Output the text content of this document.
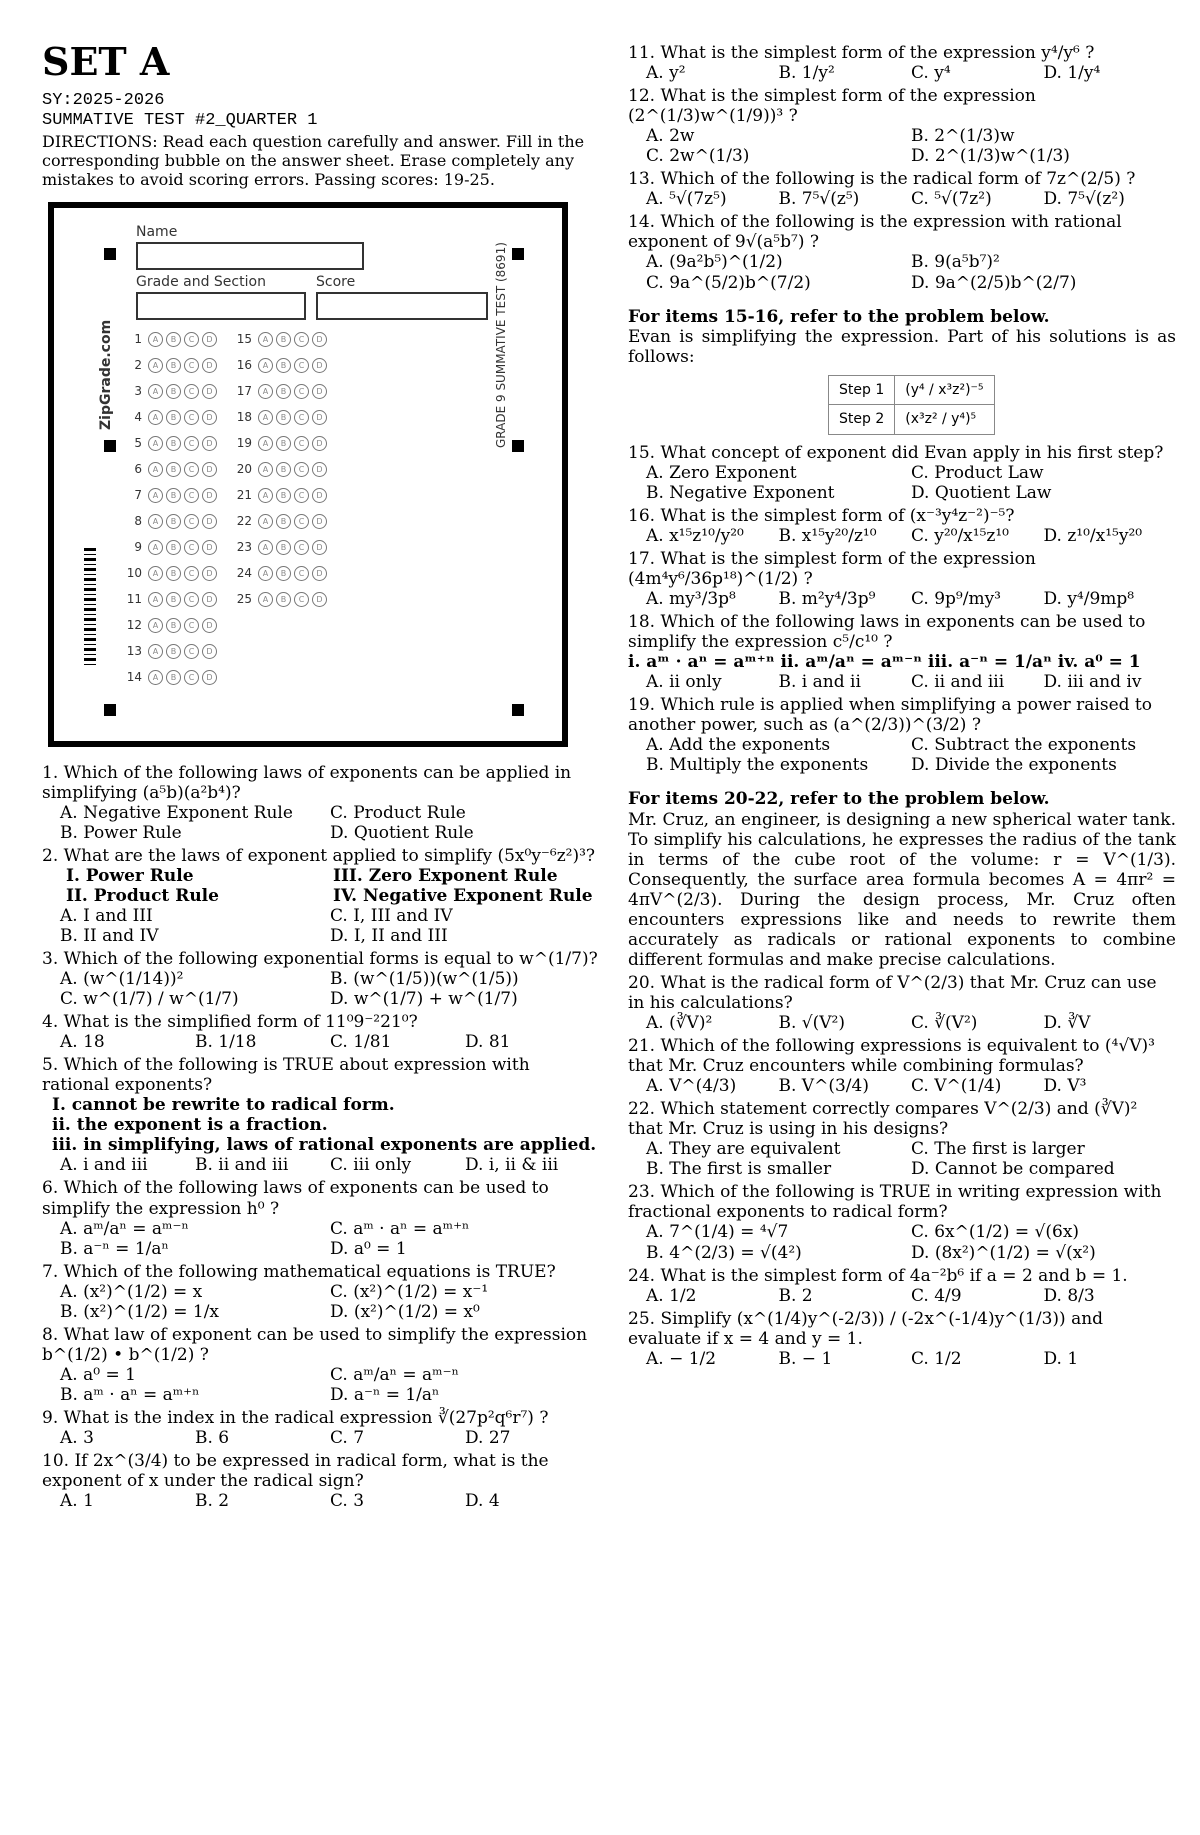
SET A
SY:2025-2026
SUMMATIVE TEST #2_QUARTER 1
DIRECTIONS: Read each question carefully and answer. Fill in the corresponding bubble on the answer sheet. Erase completely any mistakes to avoid scoring errors. Passing scores: 19-25.
Name
Grade and Section	Score
ZipGrade.com	GRADE 9 SUMMATIVE TEST (8691)
1	A	B	C	D
2	A	B	C	D
3	A	B	C	D
4	A	B	C	D
5	A	B	C	D
6	A	B	C	D
7	A	B	C	D
8	A	B	C	D
9	A	B	C	D
10	A	B	C	D
11	A	B	C	D
12	A	B	C	D
13	A	B	C	D
14	A	B	C	D
15	A	B	C	D
16	A	B	C	D
17	A	B	C	D
18	A	B	C	D
19	A	B	C	D
20	A	B	C	D
21	A	B	C	D
22	A	B	C	D
23	A	B	C	D
24	A	B	C	D
25	A	B	C	D
1. Which of the following laws of exponents can be applied in simplifying (a⁵b)(a²b⁴)?
A. Negative Exponent Rule	C. Product Rule
B. Power Rule	D. Quotient Rule
2. What are the laws of exponent applied to simplify (5x⁰y⁻⁶z²)³?
I. Power Rule	III. Zero Exponent Rule
II. Product Rule	IV. Negative Exponent Rule
A. I and III	C. I, III and IV
B. II and IV	D. I, II and III
3. Which of the following exponential forms is equal to w^(1/7)?
A. (w^(1/14))²	B. (w^(1/5))(w^(1/5))
C. w^(1/7) / w^(1/7)	D. w^(1/7) + w^(1/7)
4. What is the simplified form of 11⁰9⁻²21⁰?
A. 18	B. 1/18	C. 1/81	D. 81
5. Which of the following is TRUE about expression with rational exponents?
I. cannot be rewrite to radical form.
ii. the exponent is a fraction.
iii. in simplifying, laws of rational exponents are applied.
A. i and iii	B. ii and iii	C. iii only	D. i, ii & iii
6. Which of the following laws of exponents can be used to simplify the expression h⁰ ?
A. aᵐ/aⁿ = aᵐ⁻ⁿ	C. aᵐ · aⁿ = aᵐ⁺ⁿ
B. a⁻ⁿ = 1/aⁿ	D. a⁰ = 1
7. Which of the following mathematical equations is TRUE?
A. (x²)^(1/2) = x	C. (x²)^(1/2) = x⁻¹
B. (x²)^(1/2) = 1/x	D. (x²)^(1/2) = x⁰
8. What law of exponent can be used to simplify the expression b^(1/2) • b^(1/2) ?
A. a⁰ = 1	C. aᵐ/aⁿ = aᵐ⁻ⁿ
B. aᵐ · aⁿ = aᵐ⁺ⁿ	D. a⁻ⁿ = 1/aⁿ
9. What is the index in the radical expression ∛(27p²q⁶r⁷) ?
A. 3	B. 6	C. 7	D. 27
10. If 2x^(3/4) to be expressed in radical form, what is the exponent of x under the radical sign?
A. 1	B. 2	C. 3	D. 4
11. What is the simplest form of the expression y⁴/y⁶ ?
A. y²	B. 1/y²	C. y⁴	D. 1/y⁴
12. What is the simplest form of the expression (2^(1/3)w^(1/9))³ ?
A. 2w	B. 2^(1/3)w
C. 2w^(1/3)	D. 2^(1/3)w^(1/3)
13. Which of the following is the radical form of 7z^(2/5) ?
A. ⁵√(7z⁵)	B. 7⁵√(z⁵)	C. ⁵√(7z²)	D. 7⁵√(z²)
14. Which of the following is the expression with rational exponent of 9√(a⁵b⁷) ?
A. (9a²b⁵)^(1/2)	B. 9(a⁵b⁷)²
C. 9a^(5/2)b^(7/2)	D. 9a^(2/5)b^(2/7)
For items 15-16, refer to the problem below.
Evan is simplifying the expression. Part of his solutions is as follows:
Step 1	(y⁴ / x³z²)⁻⁵
Step 2	(x³z² / y⁴)⁵
15. What concept of exponent did Evan apply in his first step?
A. Zero Exponent	C. Product Law
B. Negative Exponent	D. Quotient Law
16. What is the simplest form of (x⁻³y⁴z⁻²)⁻⁵?
A. x¹⁵z¹⁰/y²⁰	B. x¹⁵y²⁰/z¹⁰	C. y²⁰/x¹⁵z¹⁰	D. z¹⁰/x¹⁵y²⁰
17. What is the simplest form of the expression (4m⁴y⁶/36p¹⁸)^(1/2) ?
A. my³/3p⁸	B. m²y⁴/3p⁹	C. 9p⁹/my³	D. y⁴/9mp⁸
18. Which of the following laws in exponents can be used to simplify the expression c⁵/c¹⁰ ?
i. aᵐ · aⁿ = aᵐ⁺ⁿ ii. aᵐ/aⁿ = aᵐ⁻ⁿ iii. a⁻ⁿ = 1/aⁿ iv. a⁰ = 1
A. ii only	B. i and ii	C. ii and iii	D. iii and iv
19. Which rule is applied when simplifying a power raised to another power, such as (a^(2/3))^(3/2) ?
A. Add the exponents	C. Subtract the exponents
B. Multiply the exponents	D. Divide the exponents
For items 20-22, refer to the problem below.
Mr. Cruz, an engineer, is designing a new spherical water tank. To simplify his calculations, he expresses the radius of the tank in terms of the cube root of the volume: r = V^(1/3). Consequently, the surface area formula becomes A = 4πr² = 4πV^(2/3). During the design process, Mr. Cruz often encounters expressions like and needs to rewrite them accurately as radicals or rational exponents to combine different formulas and make precise calculations.
20. What is the radical form of V^(2/3) that Mr. Cruz can use in his calculations?
A. (∛V)²	B. √(V²)	C. ∛(V²)	D. ∛V
21. Which of the following expressions is equivalent to (⁴√V)³ that Mr. Cruz encounters while combining formulas?
A. V^(4/3)	B. V^(3/4)	C. V^(1/4)	D. V³
22. Which statement correctly compares V^(2/3) and (∛V)² that Mr. Cruz is using in his designs?
A. They are equivalent	C. The first is larger
B. The first is smaller	D. Cannot be compared
23. Which of the following is TRUE in writing expression with fractional exponents to radical form?
A. 7^(1/4) = ⁴√7	C. 6x^(1/2) = √(6x)
B. 4^(2/3) = √(4²)	D. (8x²)^(1/2) = √(x²)
24. What is the simplest form of 4a⁻²b⁶ if a = 2 and b = 1.
A. 1/2	B. 2	C. 4/9	D. 8/3
25. Simplify (x^(1/4)y^(-2/3)) / (-2x^(-1/4)y^(1/3)) and evaluate if x = 4 and y = 1.
A. − 1/2	B. − 1	C. 1/2	D. 1
